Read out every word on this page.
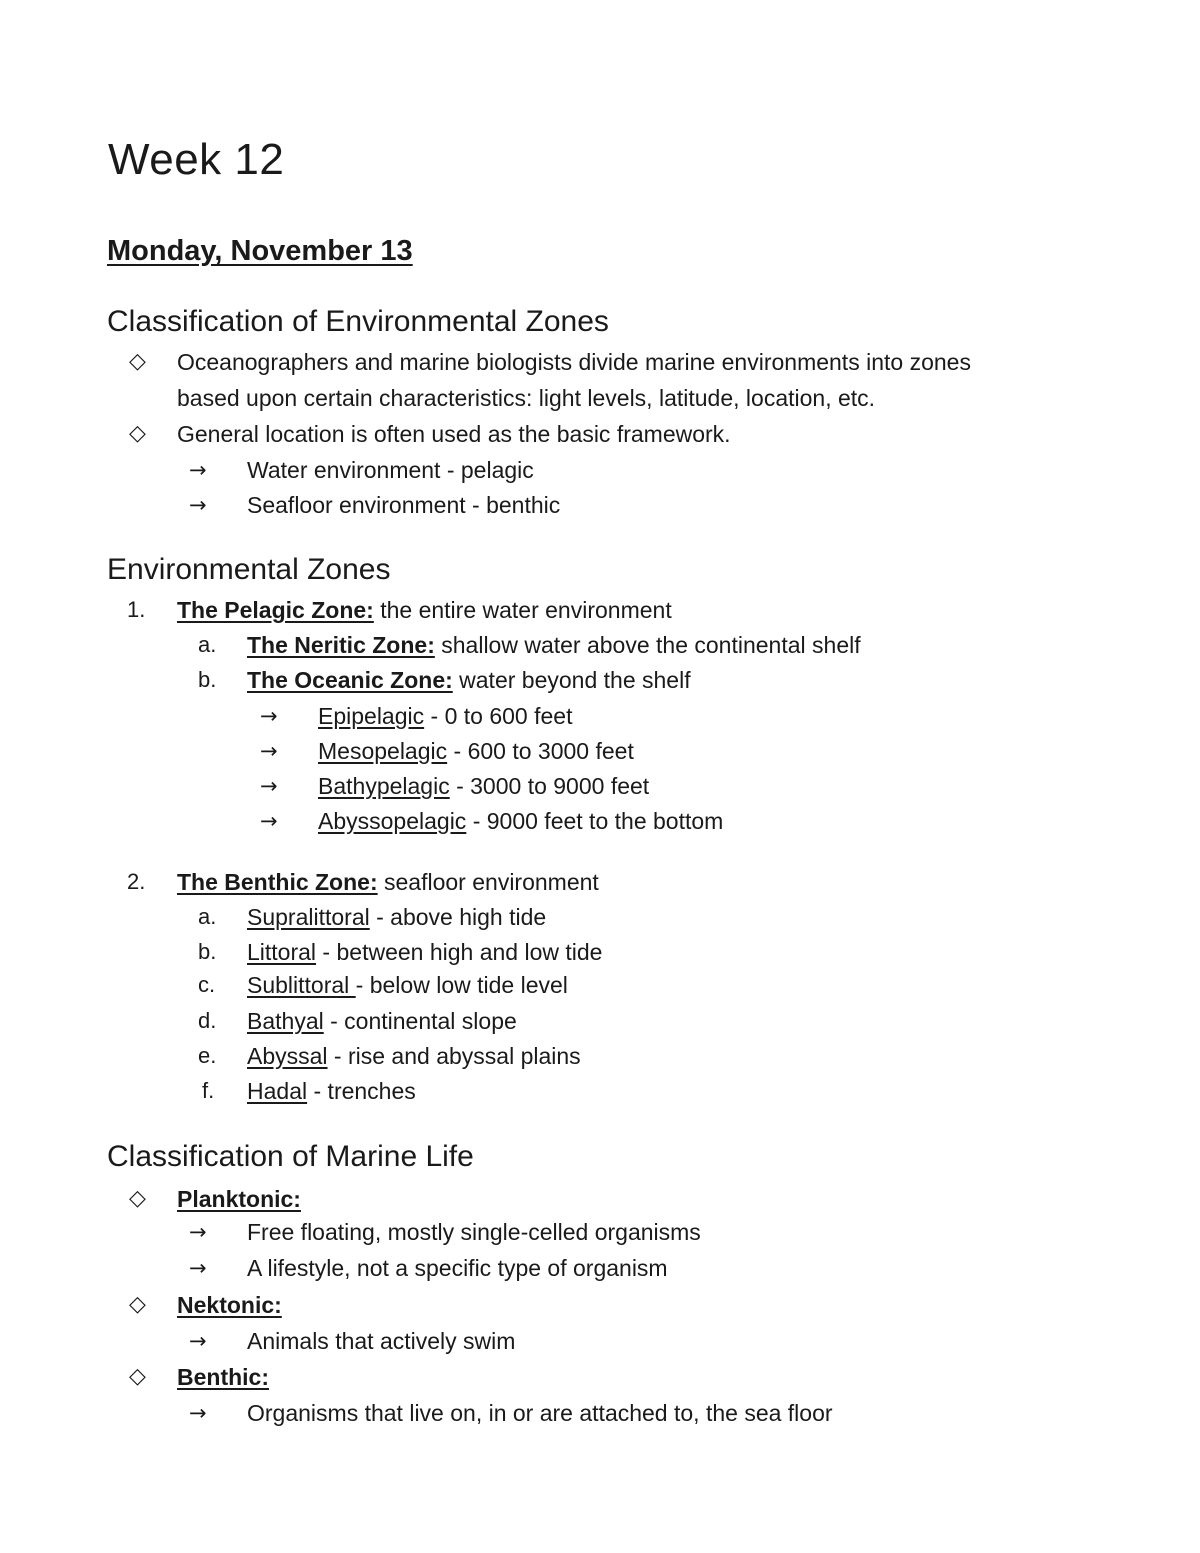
Week 12
Monday, November 13
Classification of Environmental Zones
◇ Oceanographers and marine biologists divide marine environments into zones

based upon certain characteristics: light levels, latitude, location, etc.

◇ General location is often used as the basic framework.

→ Water environment - pelagic

→ Seafloor environment - benthic

Environmental Zones
1. The Pelagic Zone: the entire water environment

a. The Neritic Zone: shallow water above the continental shelf

b. The Oceanic Zone: water beyond the shelf

→ Epipelagic - 0 to 600 feet

→ Mesopelagic - 600 to 3000 feet

→ Bathypelagic - 3000 to 9000 feet

→ Abyssopelagic - 9000 feet to the bottom

2. The Benthic Zone: seafloor environment

a. Supralittoral - above high tide

b. Littoral - between high and low tide

c. Sublittoral - below low tide level

d. Bathyal - continental slope

e. Abyssal - rise and abyssal plains

f. Hadal - trenches

Classification of Marine Life
◇ Planktonic:

→ Free floating, mostly single-celled organisms

→ A lifestyle, not a specific type of organism

◇ Nektonic:

→ Animals that actively swim

◇ Benthic:

→ Organisms that live on, in or are attached to, the sea floor
